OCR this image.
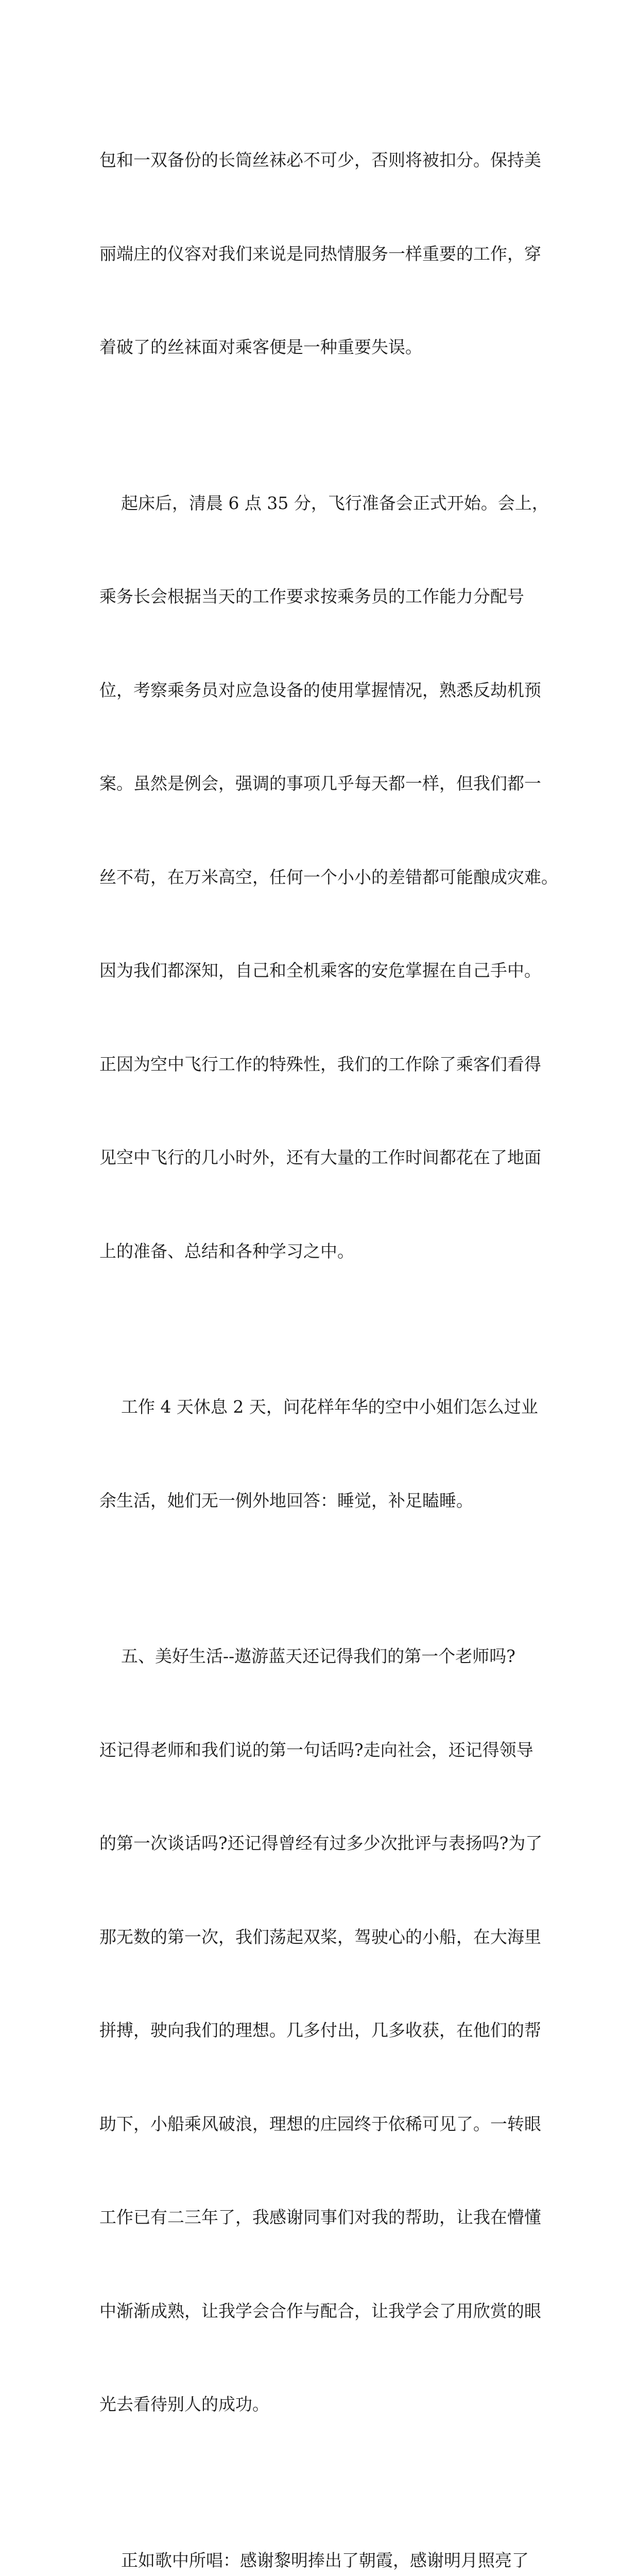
包和一双备份的长筒丝袜必不可少，否则将被扣分。保持美

丽端庄的仪容对我们来说是同热情服务一样重要的工作，穿

着破了的丝袜面对乘客便是一种重要失误。

起床后，清晨 6 点 35 分，飞行准备会正式开始。会上，

乘务长会根据当天的工作要求按乘务员的工作能力分配号

位，考察乘务员对应急设备的使用掌握情况，熟悉反劫机预

案。虽然是例会，强调的事项几乎每天都一样，但我们都一

丝不苟，在万米高空，任何一个小小的差错都可能酿成灾难。

因为我们都深知，自己和全机乘客的安危掌握在自己手中。

正因为空中飞行工作的特殊性，我们的工作除了乘客们看得

见空中飞行的几小时外，还有大量的工作时间都花在了地面

上的准备、总结和各种学习之中。

工作 4 天休息 2 天，问花样年华的空中小姐们怎么过业

余生活，她们无一例外地回答：睡觉，补足瞌睡。

五、美好生活--遨游蓝天还记得我们的第一个老师吗?

还记得老师和我们说的第一句话吗?走向社会，还记得领导

的第一次谈话吗?还记得曾经有过多少次批评与表扬吗?为了

那无数的第一次，我们荡起双桨，驾驶心的小船，在大海里

拼搏，驶向我们的理想。几多付出，几多收获，在他们的帮

助下，小船乘风破浪，理想的庄园终于依稀可见了。一转眼

工作已有二三年了，我感谢同事们对我的帮助，让我在懵懂

中渐渐成熟，让我学会合作与配合，让我学会了用欣赏的眼

光去看待别人的成功。

正如歌中所唱：感谢黎明捧出了朝霞，感谢明月照亮了
